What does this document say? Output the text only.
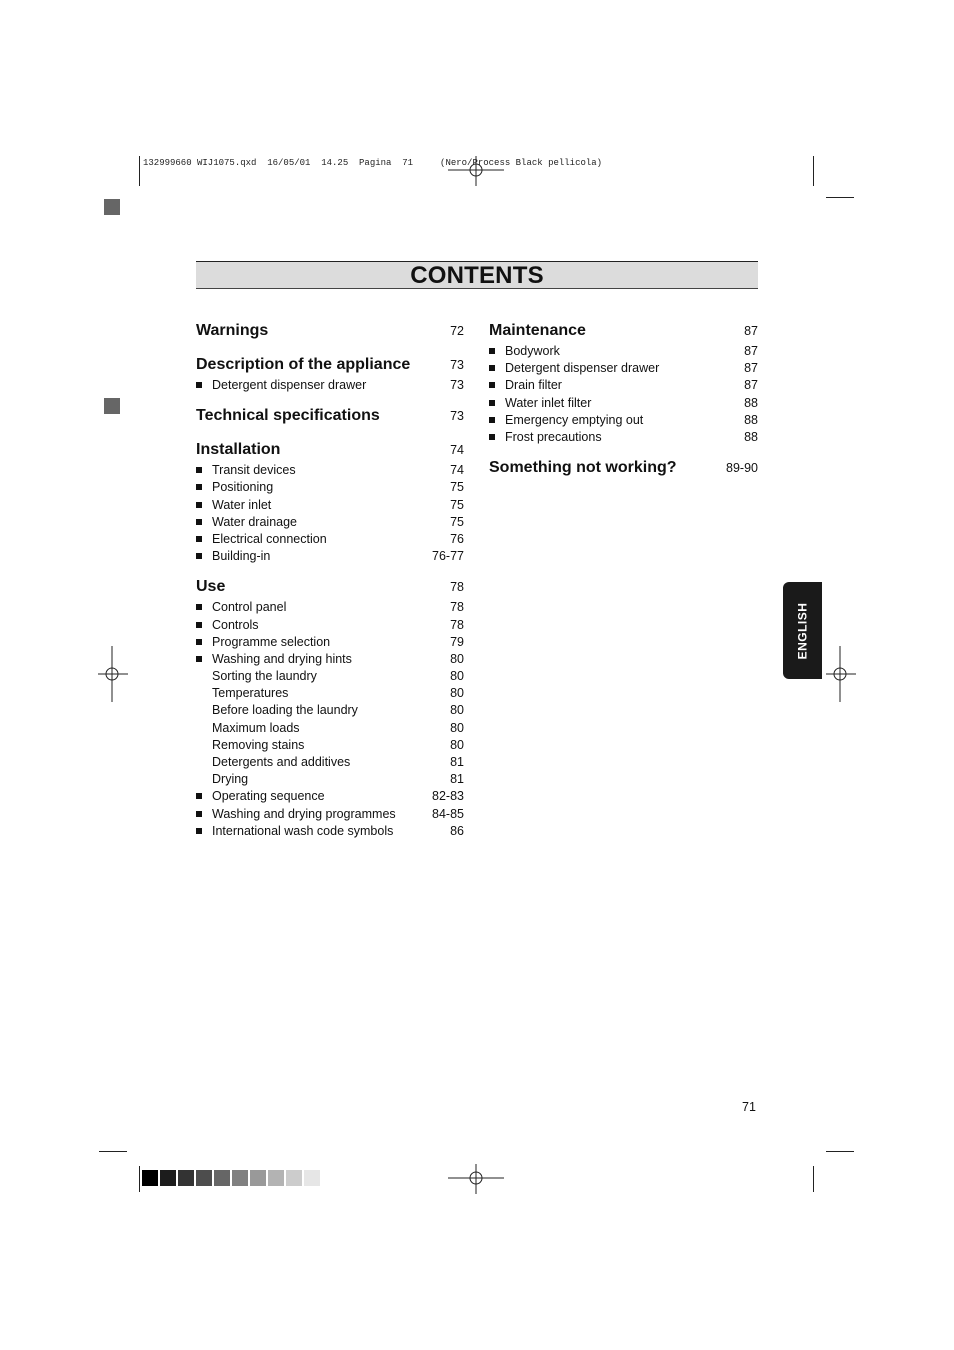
132999660 WIJ1075.qxd  16/05/01  14.25  Pagina  71     (Nero/Process Black pellicola)
CONTENTS
Warnings	72
Description of the appliance	73
Detergent dispenser drawer	73
Technical specifications	73
Installation	74
Transit devices	74
Positioning	75
Water inlet	75
Water drainage	75
Electrical connection	76
Building-in	76-77
Use	78
Control panel	78
Controls	78
Programme selection	79
Washing and drying hints	80
Sorting the laundry	80
Temperatures	80
Before loading the laundry	80
Maximum loads	80
Removing stains	80
Detergents and additives	81
Drying	81
Operating sequence	82-83
Washing and drying programmes	84-85
International wash code symbols	86
Maintenance	87
Bodywork	87
Detergent dispenser drawer	87
Drain filter	87
Water inlet filter	88
Emergency emptying out	88
Frost precautions	88
Something not working?	89-90
ENGLISH
71
